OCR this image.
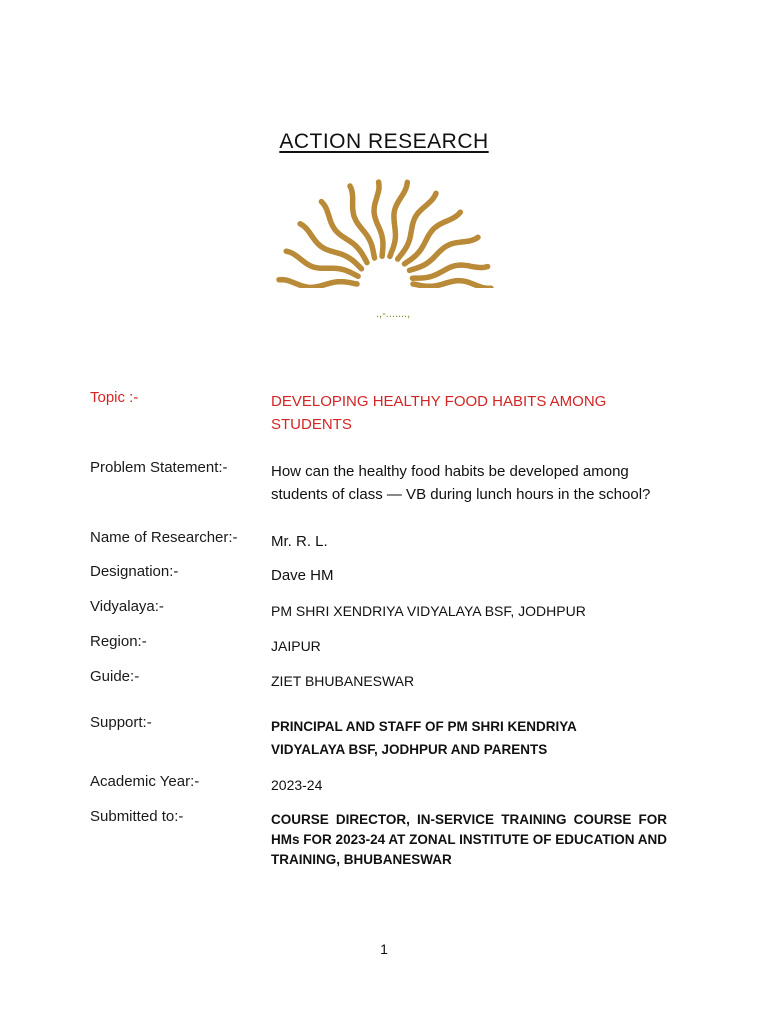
ACTION RESEARCH
.,-.......,
Topic :-	DEVELOPING HEALTHY FOOD HABITS AMONG STUDENTS
Problem Statement:-	How can the healthy food habits be developed among students of class — VB during lunch hours in the school?
Name of Researcher:- Mr. R. L.
Designation:-	Dave HM
Vidyalaya:-	PM SHRI XENDRIYA VIDYALAYA BSF, JODHPUR
Region:-	JAIPUR
Guide:-	ZIET BHUBANESWAR
Support:-	PRINCIPAL AND STAFF OF PM SHRI KENDRIYA VIDYALAYA BSF, JODHPUR AND PARENTS
Academic Year:-	2023-24
Submitted to:-	COURSE DIRECTOR, IN-SERVICE TRAINING COURSE FOR HMs FOR 2023-24 AT ZONAL INSTITUTE OF EDUCATION AND TRAINING, BHUBANESWAR
1
